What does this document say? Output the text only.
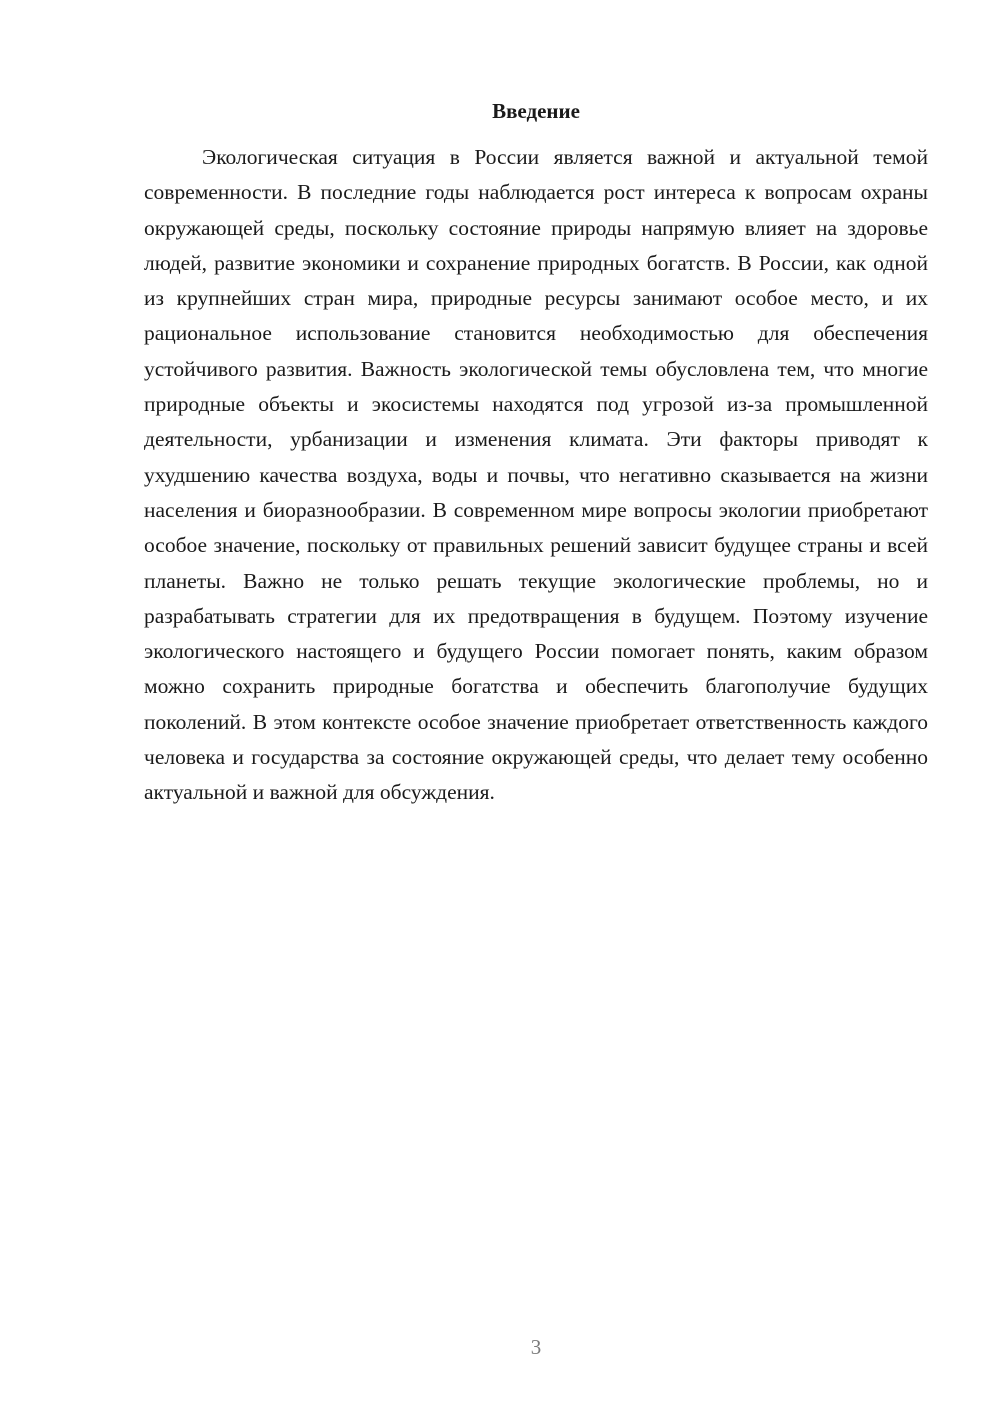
Введение

Экологическая ситуация в России является важной и актуальной темой современности. В последние годы наблюдается рост интереса к вопросам охраны окружающей среды, поскольку состояние природы напрямую влияет на здоровье людей, развитие экономики и сохранение природных богатств. В России, как одной из крупнейших стран мира, природные ресурсы занимают особое место, и их рациональное использование становится необходимостью для обеспечения устойчивого развития. Важность экологической темы обусловлена тем, что многие природные объекты и экосистемы находятся под угрозой из-за промышленной деятельности, урбанизации и изменения климата. Эти факторы приводят к ухудшению качества воздуха, воды и почвы, что негативно сказывается на жизни населения и биоразнообразии. В современном мире вопросы экологии приобретают особое значение, поскольку от правильных решений зависит будущее страны и всей планеты. Важно не только решать текущие экологические проблемы, но и разрабатывать стратегии для их предотвращения в будущем. Поэтому изучение экологического настоящего и будущего России помогает понять, каким образом можно сохранить природные богатства и обеспечить благополучие будущих поколений. В этом контексте особое значение приобретает ответственность каждого человека и государства за состояние окружающей среды, что делает тему особенно актуальной и важной для обсуждения.

3
